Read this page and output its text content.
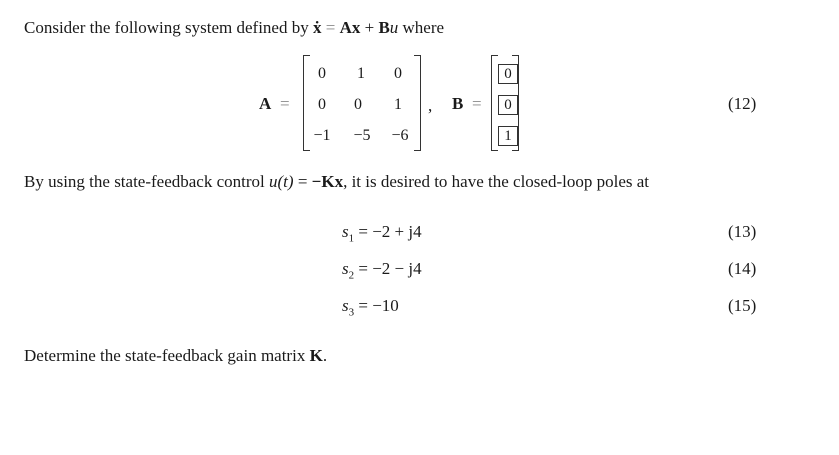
Consider the following system defined by ẋ = Ax + Bu where
A =
0	1	0
0	0	1
−1	−5	−6
, B =
0
0
1
(12)
By using the state-feedback control u(t) = −Kx, it is desired to have the closed-loop poles at
$s_1 = -2 + j4$	(13)
$s_2 = -2 - j4$	(14)
$s_3 = -10$	(15)
Determine the state-feedback gain matrix K.
